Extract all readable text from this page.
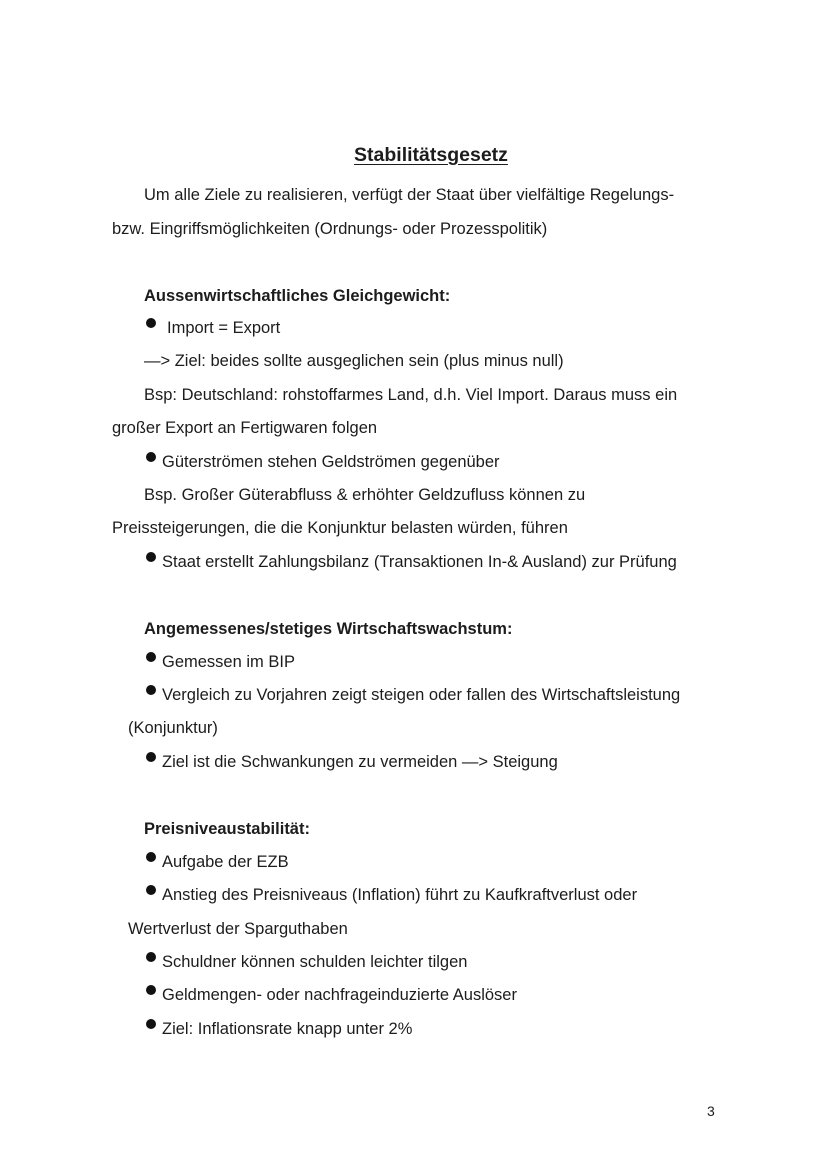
Stabilitätsgesetz
Um alle Ziele zu realisieren, verfügt der Staat über vielfältige Regelungs-
bzw. Eingriffsmöglichkeiten (Ordnungs- oder Prozesspolitik)
Aussenwirtschaftliches Gleichgewicht:
Import = Export
—> Ziel: beides sollte ausgeglichen sein (plus minus null)
Bsp: Deutschland: rohstoffarmes Land, d.h. Viel Import. Daraus muss ein
großer Export an Fertigwaren folgen
Güterströmen stehen Geldströmen gegenüber
Bsp. Großer Güterabfluss & erhöhter Geldzufluss können zu
Preissteigerungen, die die Konjunktur belasten würden, führen
Staat erstellt Zahlungsbilanz (Transaktionen In-& Ausland) zur Prüfung
Angemessenes/stetiges Wirtschaftswachstum:
Gemessen im BIP
Vergleich zu Vorjahren zeigt steigen oder fallen des Wirtschaftsleistung
(Konjunktur)
Ziel ist die Schwankungen zu vermeiden —> Steigung
Preisniveaustabilität:
Aufgabe der EZB
Anstieg des Preisniveaus (Inflation) führt zu Kaufkraftverlust oder
Wertverlust der Sparguthaben
Schuldner können schulden leichter tilgen
Geldmengen- oder nachfrageinduzierte Auslöser
Ziel: Inflationsrate knapp unter 2%
3
